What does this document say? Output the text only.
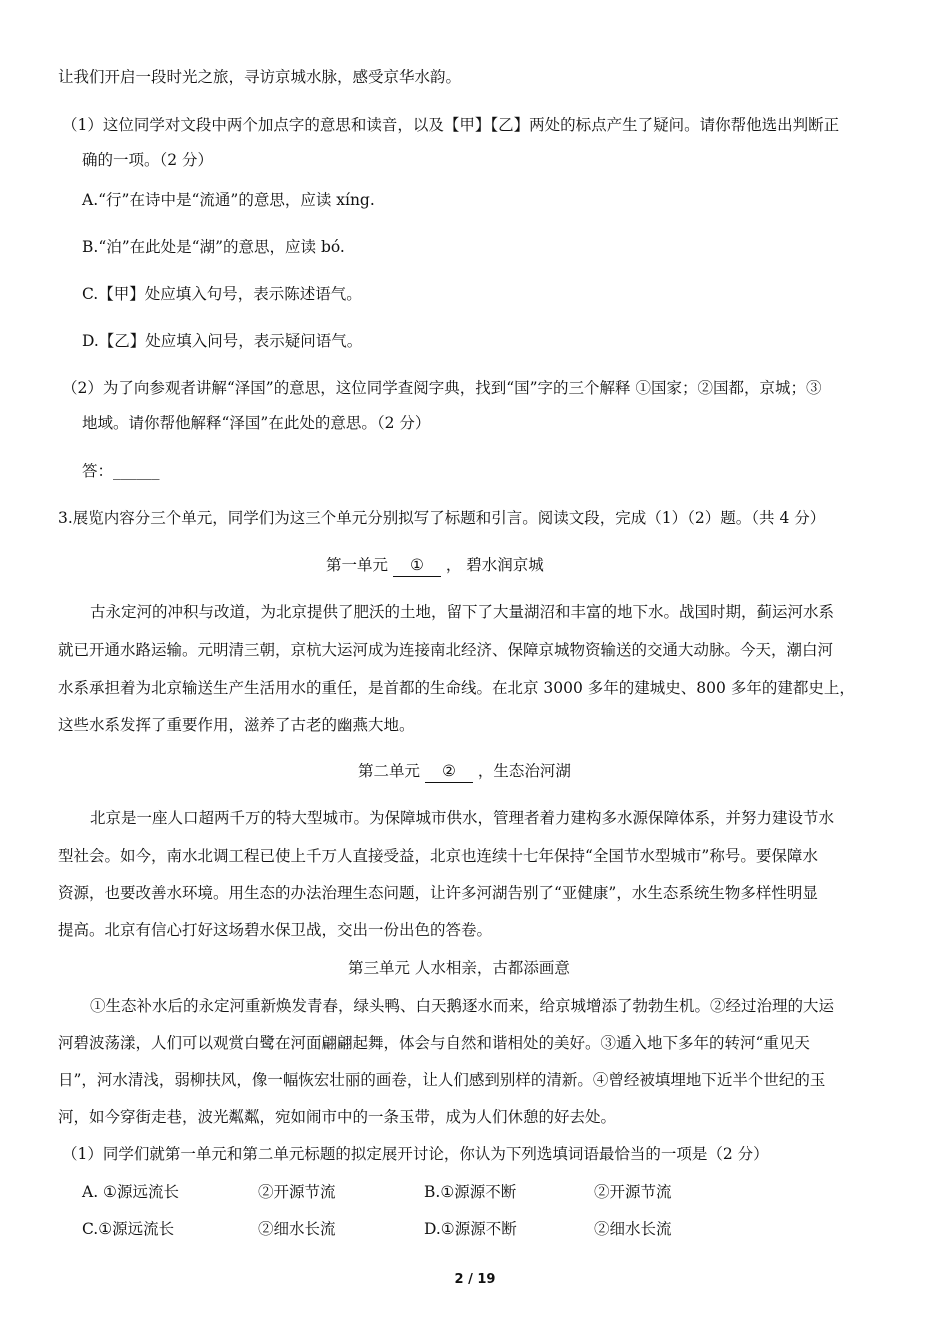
让我们开启一段时光之旅，寻访京城水脉，感受京华水韵。
（1）这位同学对文段中两个加点字的意思和读音，以及【甲】【乙】两处的标点产生了疑问。请你帮他选出判断正
确的一项。（2 分）
A.“行”在诗中是“流通”的意思，应读 xíng.
B.“泊”在此处是“湖”的意思，应读 bó.
C.【甲】处应填入句号，表示陈述语气。
D.【乙】处应填入问号，表示疑问语气。
（2）为了向参观者讲解“泽国”的意思，这位同学查阅字典，找到“国”字的三个解释 ①国家；②国都，京城；③
地域。请你帮他解释“泽国”在此处的意思。（2 分）
答：______
3.展览内容分三个单元，同学们为这三个单元分别拟写了标题和引言。阅读文段，完成（1）（2）题。（共 4 分）
第一单元 ① ， 碧水润京城
古永定河的冲积与改道，为北京提供了肥沃的土地，留下了大量湖沼和丰富的地下水。战国时期，蓟运河水系
就已开通水路运输。元明清三朝，京杭大运河成为连接南北经济、保障京城物资输送的交通大动脉。今天，潮白河
水系承担着为北京输送生产生活用水的重任，是首都的生命线。在北京 3000 多年的建城史、800 多年的建都史上，
这些水系发挥了重要作用，滋养了古老的幽燕大地。
第二单元 ② ，生态治河湖
北京是一座人口超两千万的特大型城市。为保障城市供水，管理者着力建构多水源保障体系，并努力建设节水
型社会。如今，南水北调工程已使上千万人直接受益，北京也连续十七年保持“全国节水型城市”称号。要保障水
资源，也要改善水环境。用生态的办法治理生态问题，让许多河湖告别了“亚健康”，水生态系统生物多样性明显
提高。北京有信心打好这场碧水保卫战，交出一份出色的答卷。
第三单元 人水相亲，古都添画意
①生态补水后的永定河重新焕发青春，绿头鸭、白天鹅逐水而来，给京城增添了勃勃生机。②经过治理的大运
河碧波荡漾，人们可以观赏白鹭在河面翩翩起舞，体会与自然和谐相处的美好。③遁入地下多年的转河“重见天
日”，河水清浅，弱柳扶风，像一幅恢宏壮丽的画卷，让人们感到别样的清新。④曾经被填埋地下近半个世纪的玉
河，如今穿街走巷，波光粼粼，宛如闹市中的一条玉带，成为人们休憩的好去处。
（1）同学们就第一单元和第二单元标题的拟定展开讨论，你认为下列选填词语最恰当的一项是（2 分）
A. ①源远流长	②开源节流	B.①源源不断	②开源节流
C.①源远流长	②细水长流	D.①源源不断	②细水长流
2 / 19
